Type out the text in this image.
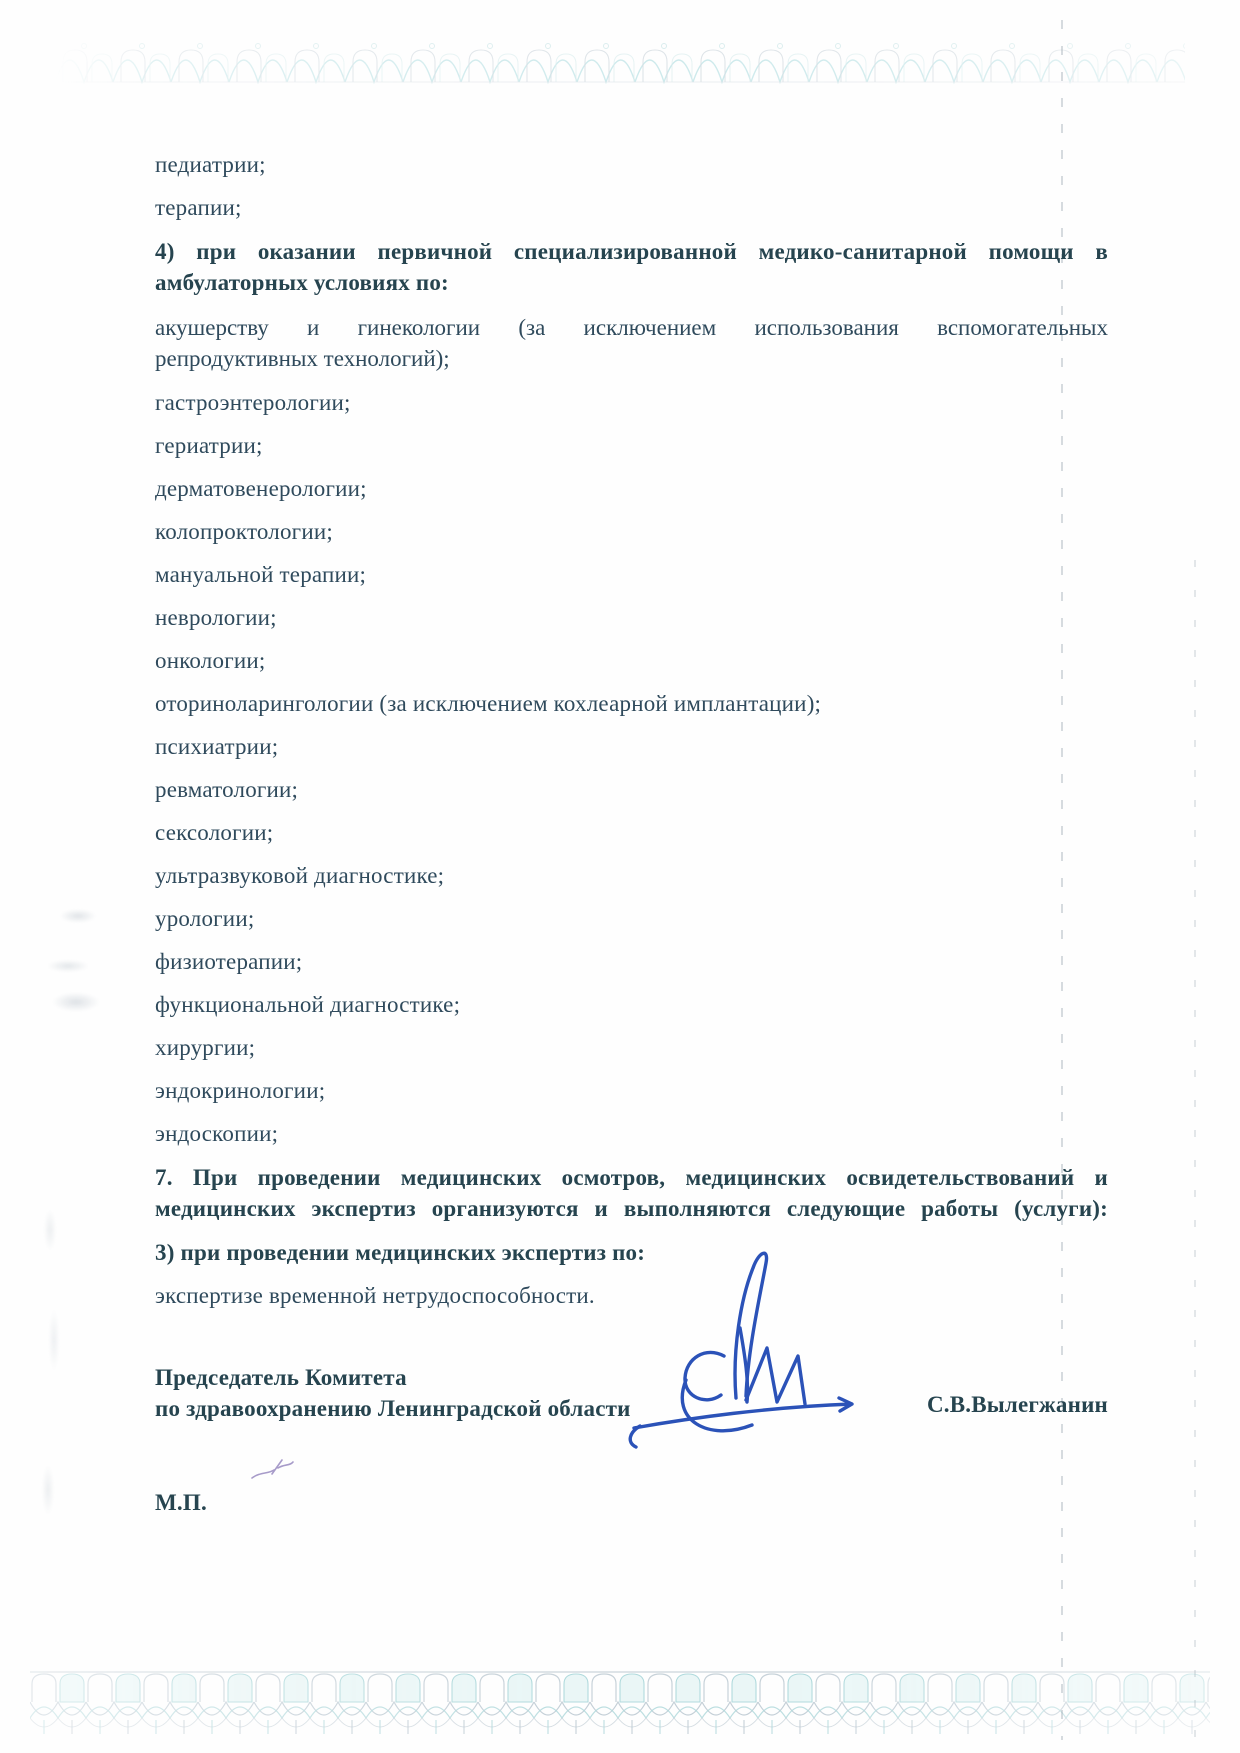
педиатрии;

терапии;

4) при оказании первичной специализированной медико-санитарной помощи в
амбулаторных условиях по:
акушерству и гинекологии (за исключением использования вспомогательных
репродуктивных технологий);

гастроэнтерологии;

гериатрии;

дерматовенерологии;

колопроктологии;

мануальной терапии;

неврологии;

онкологии;

оториноларингологии (за исключением кохлеарной имплантации);

психиатрии;

ревматологии;

сексологии;

ультразвуковой диагностике;

урологии;

физиотерапии;

функциональной диагностике;

хирургии;

эндокринологии;

эндоскопии;

7. При проведении медицинских осмотров, медицинских освидетельствований и
медицинских экспертиз организуются и выполняются следующие работы (услуги):

3) при проведении медицинских экспертиз по:

экспертизе временной нетрудоспособности.

Председатель Комитета
по здравоохранению Ленинградской области	С.В.Вылегжанин

М.П.
